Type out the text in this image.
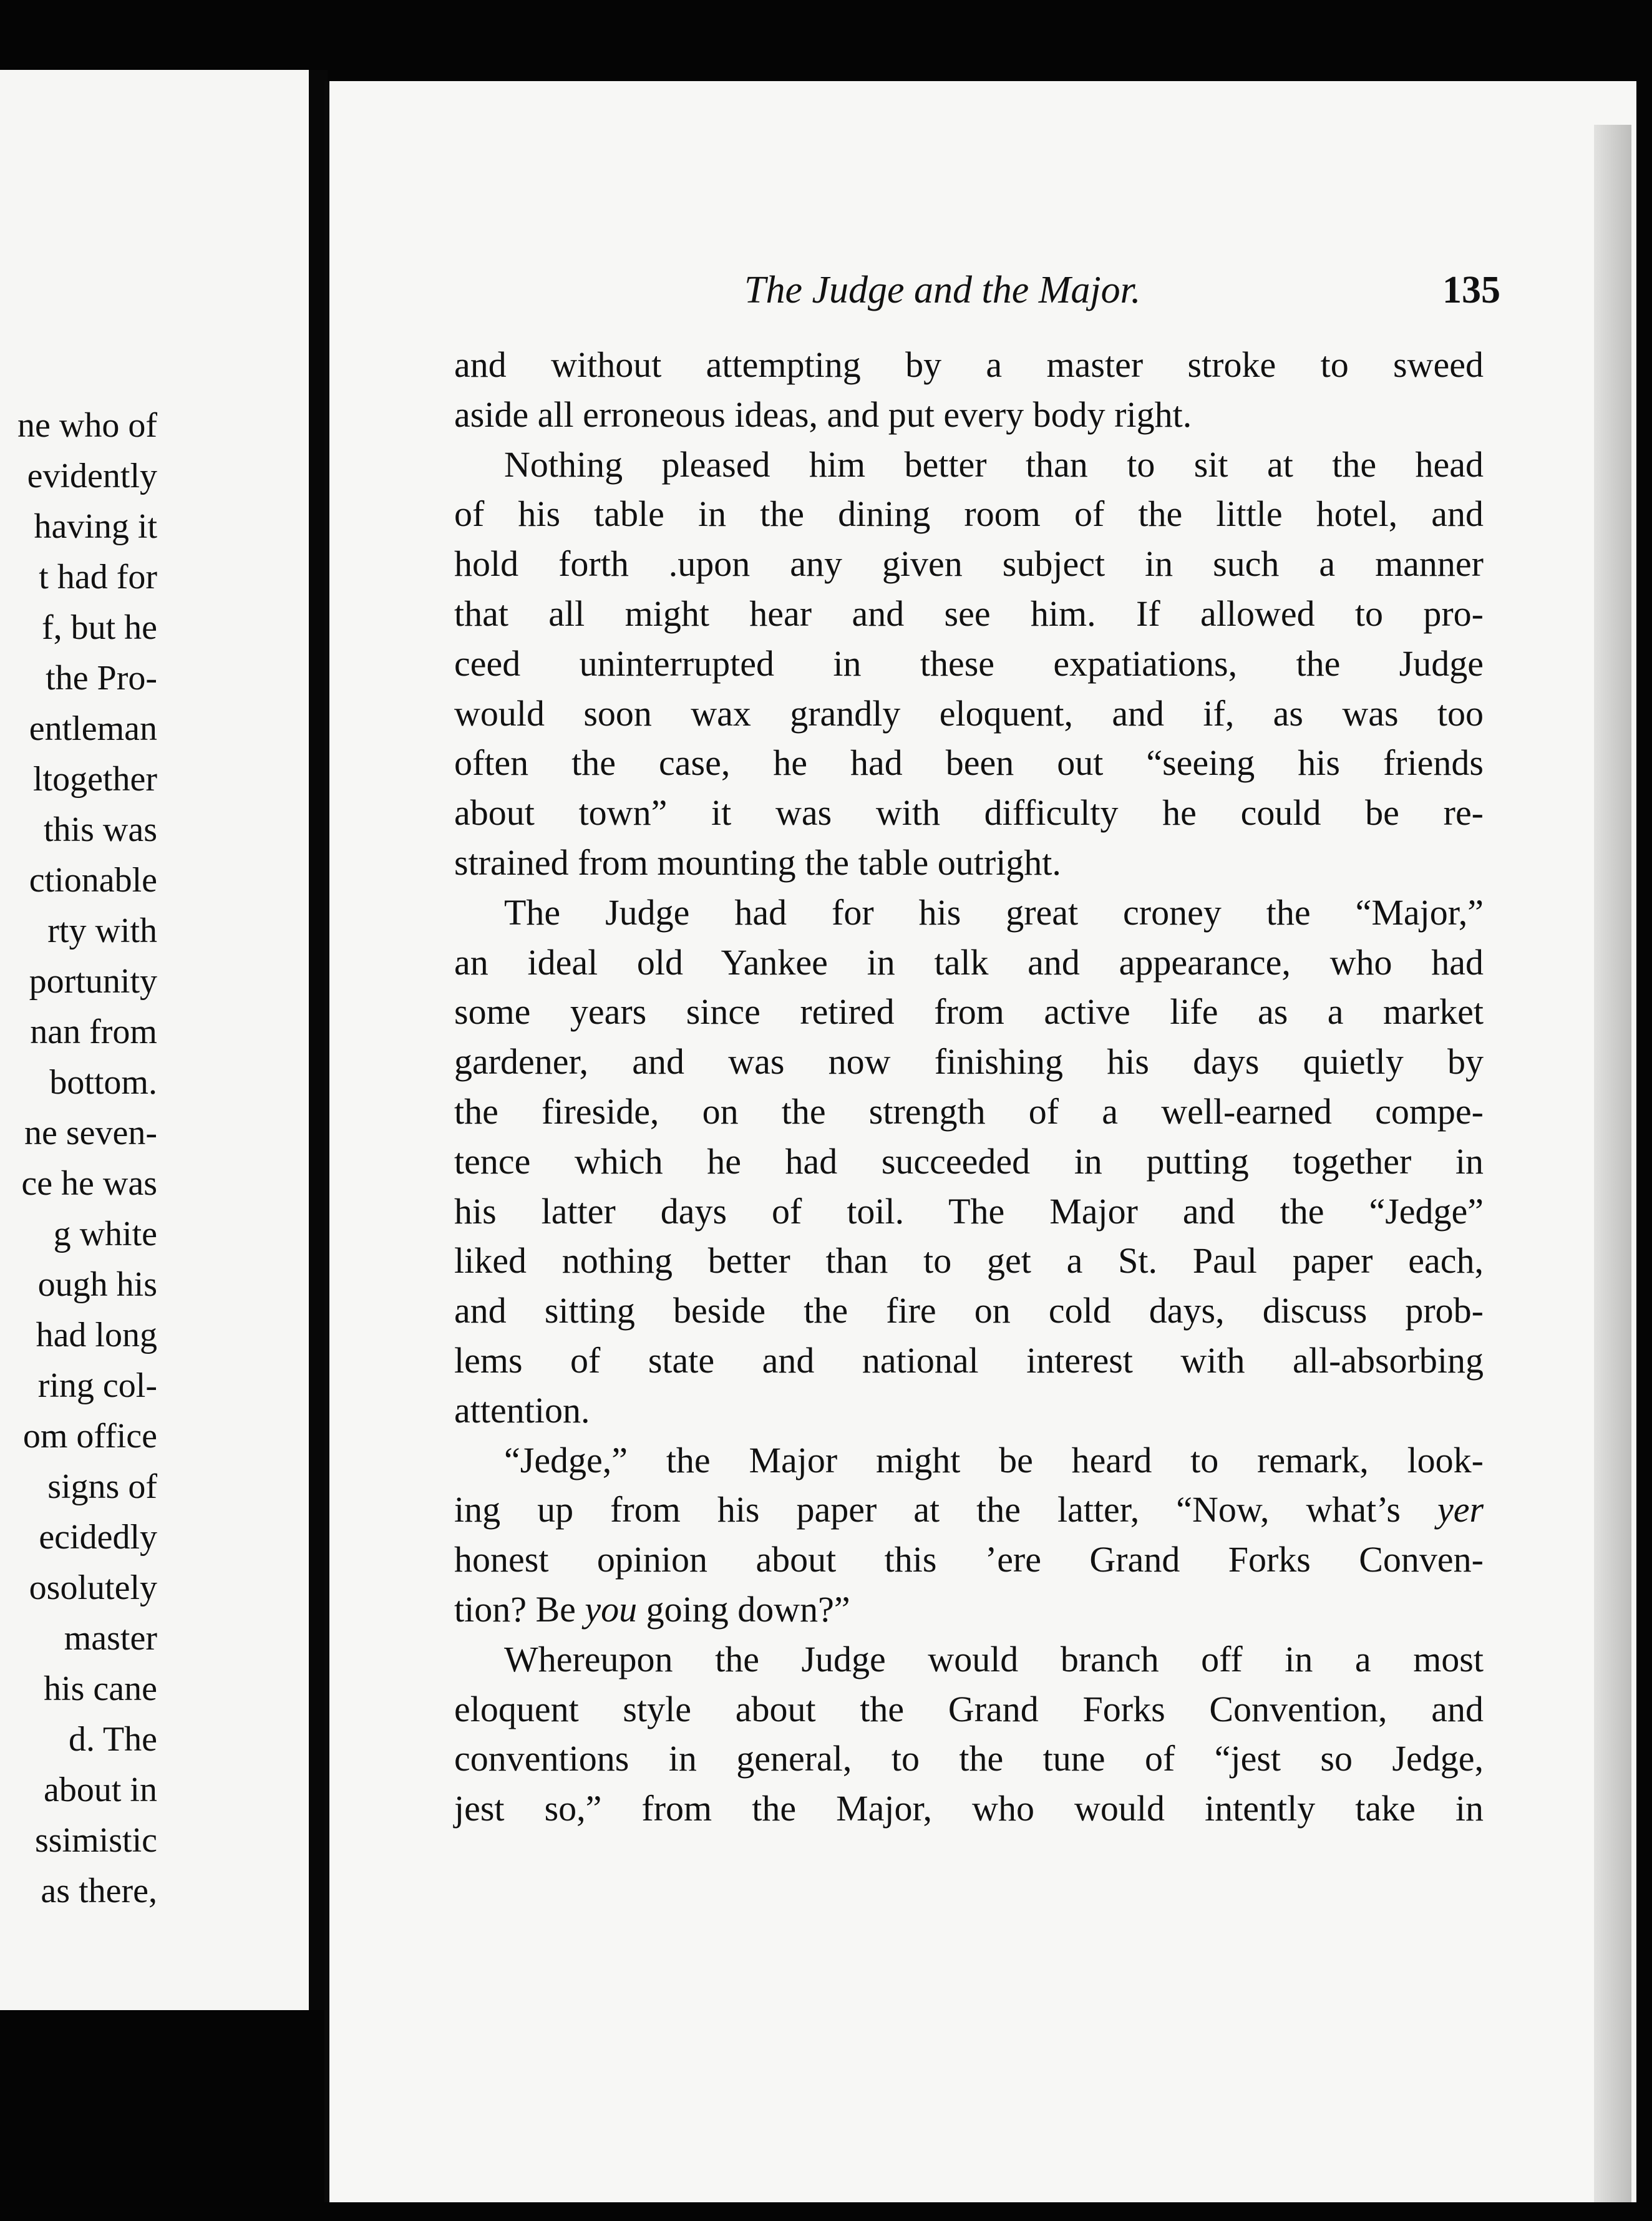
ne who of
evidently
having it
t had for
f, but he
the Pro-
entleman
ltogether
this was
ctionable
rty with
portunity
nan from
bottom.
ne seven-
ce he was
g white
ough his
had long
ring col-
om office
signs of
ecidedly
osolutely
master
his cane
d. The
about in
ssimistic
as there,
The Judge and the Major.	135
and without attempting by a master stroke to sweed
aside all erroneous ideas, and put every body right.
Nothing pleased him better than to sit at the head
of his table in the dining room of the little hotel, and
hold forth .upon any given subject in such a manner
that all might hear and see him. If allowed to pro-
ceed uninterrupted in these expatiations, the Judge
would soon wax grandly eloquent, and if, as was too
often the case, he had been out “seeing his friends
about town” it was with difficulty he could be re-
strained from mounting the table outright.
The Judge had for his great croney the “Major,”
an ideal old Yankee in talk and appearance, who had
some years since retired from active life as a market
gardener, and was now finishing his days quietly by
the fireside, on the strength of a well-earned compe-
tence which he had succeeded in putting together in
his latter days of toil. The Major and the “Jedge”
liked nothing better than to get a St. Paul paper each,
and sitting beside the fire on cold days, discuss prob-
lems of state and national interest with all-absorbing
attention.
“Jedge,” the Major might be heard to remark, look-
ing up from his paper at the latter, “Now, what’s yer
honest opinion about this ’ere Grand Forks Conven-
tion? Be you going down?”
Whereupon the Judge would branch off in a most
eloquent style about the Grand Forks Convention, and
conventions in general, to the tune of “jest so Jedge,
jest so,” from the Major, who would intently take in
